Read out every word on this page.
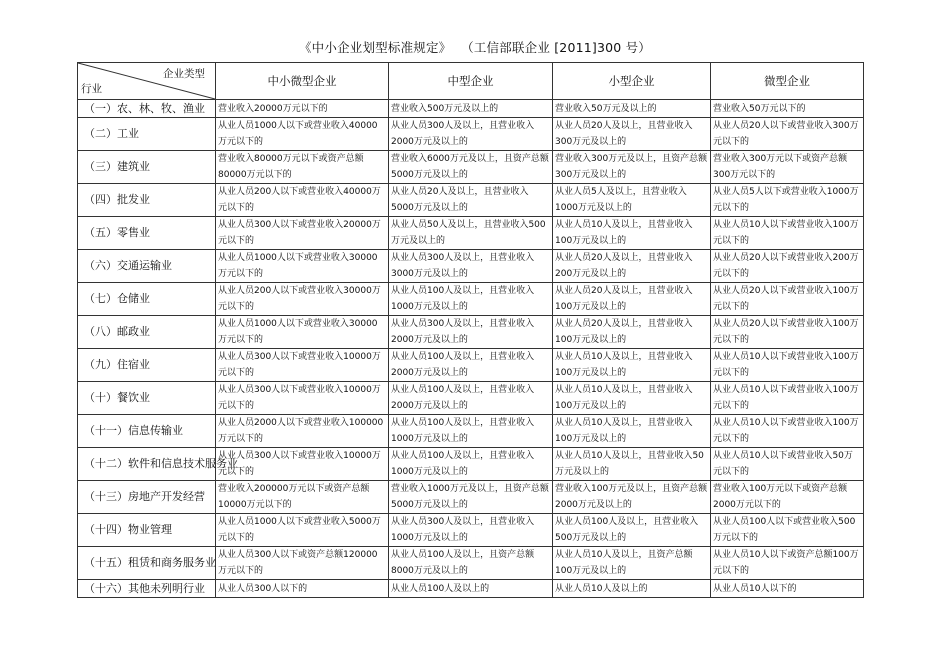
《中小企业划型标准规定》 （工信部联企业 [2011]300 号）
企业类型
行业	中小微型企业	中型企业	小型企业	微型企业
（一）农、林、牧、渔业	营业收入20000万元以下的	营业收入500万元及以上的	营业收入50万元及以上的	营业收入50万元以下的
（二）工业	从业人员1000人以下或营业收入40000万元以下的	从业人员300人及以上，且营业收入2000万元及以上的	从业人员20人及以上，且营业收入300万元及以上的	从业人员20人以下或营业收入300万元以下的
（三）建筑业	营业收入80000万元以下或资产总额80000万元以下的	营业收入6000万元及以上，且资产总额5000万元及以上的	营业收入300万元及以上，且资产总额300万元及以上的	营业收入300万元以下或资产总额300万元以下的
（四）批发业	从业人员200人以下或营业收入40000万元以下的	从业人员20人及以上，且营业收入5000万元及以上的	从业人员5人及以上，且营业收入1000万元及以上的	从业人员5人以下或营业收入1000万元以下的
（五）零售业	从业人员300人以下或营业收入20000万元以下的	从业人员50人及以上，且营业收入500万元及以上的	从业人员10人及以上，且营业收入100万元及以上的	从业人员10人以下或营业收入100万元以下的
（六）交通运输业	从业人员1000人以下或营业收入30000万元以下的	从业人员300人及以上，且营业收入3000万元及以上的	从业人员20人及以上，且营业收入200万元及以上的	从业人员20人以下或营业收入200万元以下的
（七）仓储业	从业人员200人以下或营业收入30000万元以下的	从业人员100人及以上，且营业收入1000万元及以上的	从业人员20人及以上，且营业收入100万元及以上的	从业人员20人以下或营业收入100万元以下的
（八）邮政业	从业人员1000人以下或营业收入30000万元以下的	从业人员300人及以上，且营业收入2000万元及以上的	从业人员20人及以上，且营业收入100万元及以上的	从业人员20人以下或营业收入100万元以下的
（九）住宿业	从业人员300人以下或营业收入10000万元以下的	从业人员100人及以上，且营业收入2000万元及以上的	从业人员10人及以上，且营业收入100万元及以上的	从业人员10人以下或营业收入100万元以下的
（十）餐饮业	从业人员300人以下或营业收入10000万元以下的	从业人员100人及以上，且营业收入2000万元及以上的	从业人员10人及以上，且营业收入100万元及以上的	从业人员10人以下或营业收入100万元以下的
（十一）信息传输业	从业人员2000人以下或营业收入100000万元以下的	从业人员100人及以上，且营业收入1000万元及以上的	从业人员10人及以上，且营业收入100万元及以上的	从业人员10人以下或营业收入100万元以下的
（十二）软件和信息技术服务业	从业人员300人以下或营业收入10000万元以下的	从业人员100人及以上，且营业收入1000万元及以上的	从业人员10人及以上，且营业收入50万元及以上的	从业人员10人以下或营业收入50万元以下的
（十三）房地产开发经营	营业收入200000万元以下或资产总额10000万元以下的	营业收入1000万元及以上，且资产总额5000万元及以上的	营业收入100万元及以上，且资产总额2000万元及以上的	营业收入100万元以下或资产总额2000万元以下的
（十四）物业管理	从业人员1000人以下或营业收入5000万元以下的	从业人员300人及以上，且营业收入1000万元及以上的	从业人员100人及以上，且营业收入500万元及以上的	从业人员100人以下或营业收入500万元以下的
（十五）租赁和商务服务业	从业人员300人以下或资产总额120000万元以下的	从业人员100人及以上，且资产总额8000万元及以上的	从业人员10人及以上，且资产总额100万元及以上的	从业人员10人以下或资产总额100万元以下的
（十六）其他未列明行业	从业人员300人以下的	从业人员100人及以上的	从业人员10人及以上的	从业人员10人以下的
